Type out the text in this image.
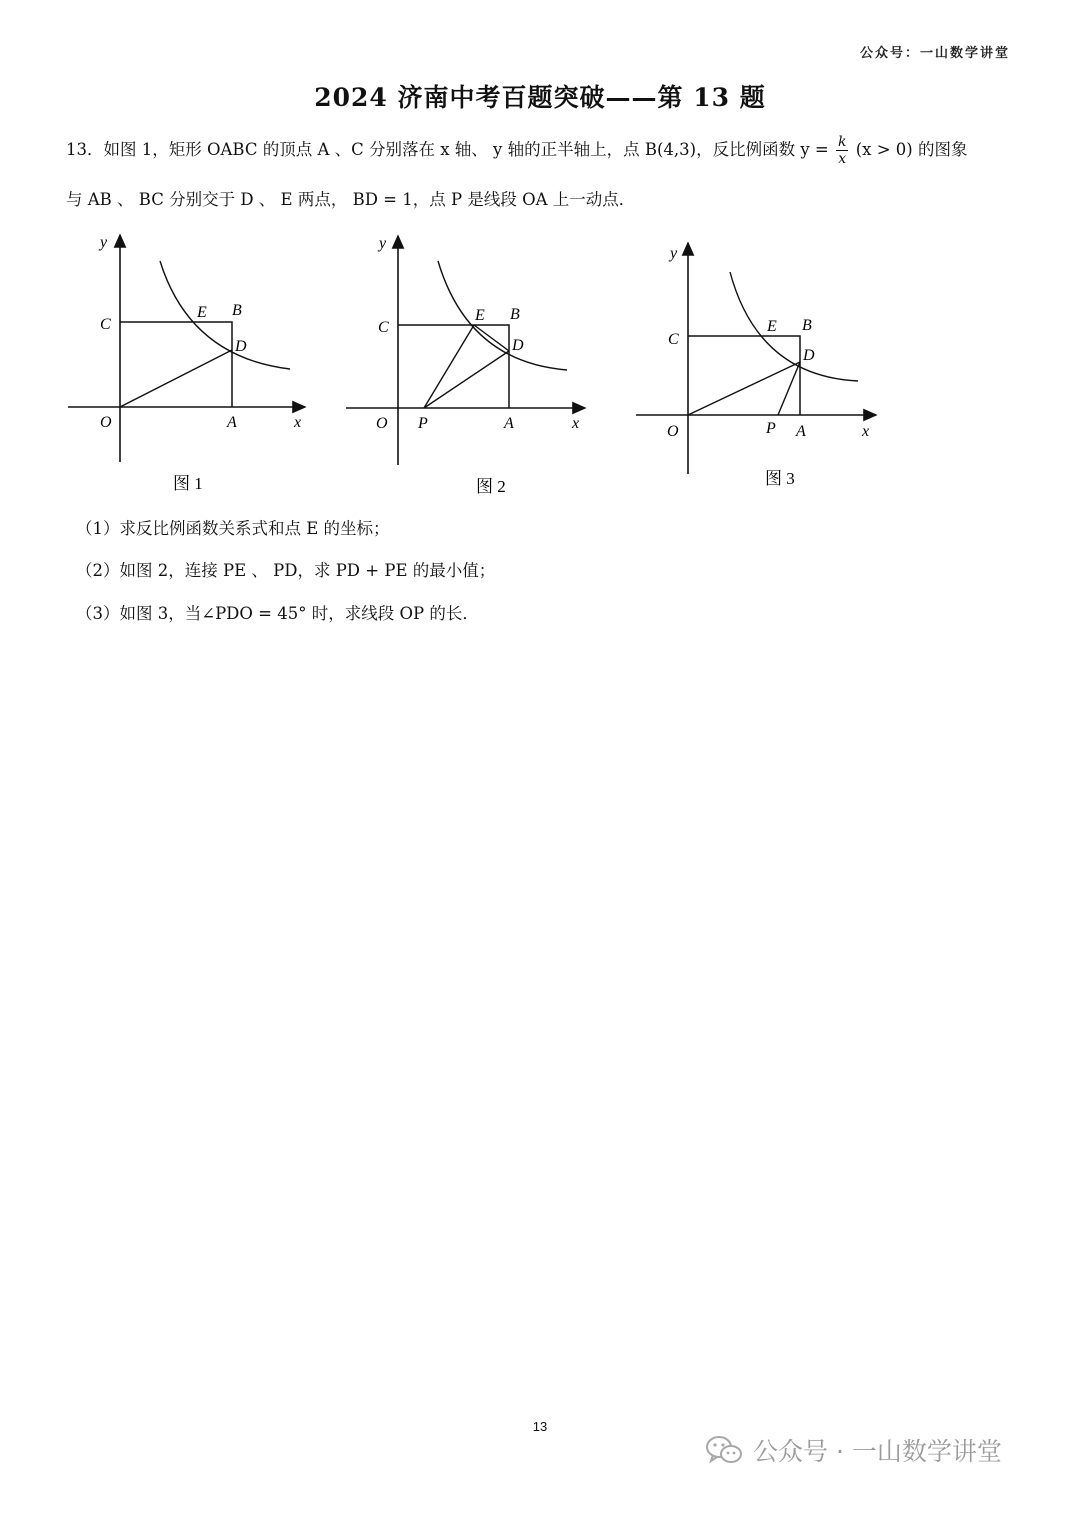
公众号：一山数学讲堂
2024 济南中考百题突破——第 13 题
13．如图 1，矩形 OABC 的顶点 A 、C 分别落在 x 轴、 y 轴的正半轴上，点 B(4,3)，反比例函数 $y = \frac{k}{x} (x > 0)$ 的图象
与 AB 、 BC 分别交于 D 、 E 两点， BD = 1，点 P 是线段 OA 上一动点．
y
x
O	A
C
E B
D
图 1
y
x
O P	A
C
E B
D
图 2
y
x
O	P A
C
E B
D
图 3
（1）求反比例函数关系式和点 E 的坐标；
（2）如图 2，连接 PE 、 PD，求 PD + PE 的最小值；
（3）如图 3，当∠PDO = 45° 时，求线段 OP 的长．
13
公众号 · 一山数学讲堂
